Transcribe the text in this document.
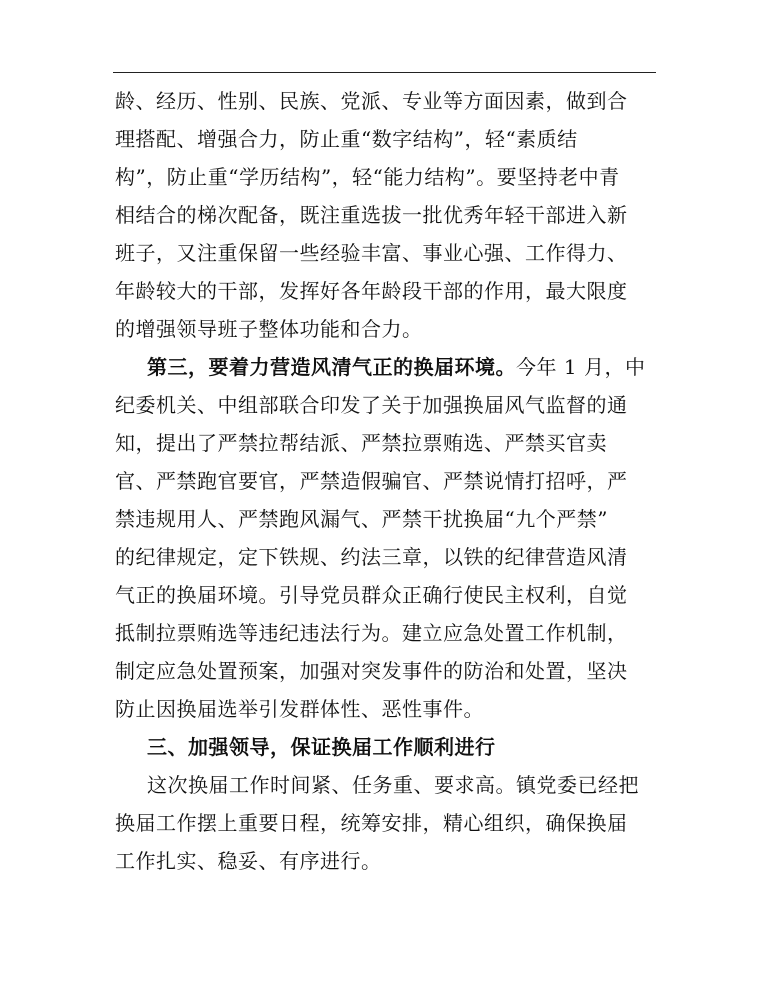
龄、经历、性别、民族、党派、专业等方面因素，做到合
理搭配、增强合力，防止重“数字结构”，轻“素质结
构”，防止重“学历结构”，轻“能力结构”。要坚持老中青
相结合的梯次配备，既注重选拔一批优秀年轻干部进入新
班子，又注重保留一些经验丰富、事业心强、工作得力、
年龄较大的干部，发挥好各年龄段干部的作用，最大限度
的增强领导班子整体功能和合力。
第三，要着力营造风清气正的换届环境。今年 1 月，中
纪委机关、中组部联合印发了关于加强换届风气监督的通
知，提出了严禁拉帮结派、严禁拉票贿选、严禁买官卖
官、严禁跑官要官，严禁造假骗官、严禁说情打招呼，严
禁违规用人、严禁跑风漏气、严禁干扰换届“九个严禁”
的纪律规定，定下铁规、约法三章，以铁的纪律营造风清
气正的换届环境。引导党员群众正确行使民主权利，自觉
抵制拉票贿选等违纪违法行为。建立应急处置工作机制，
制定应急处置预案，加强对突发事件的防治和处置，坚决
防止因换届选举引发群体性、恶性事件。
三、加强领导，保证换届工作顺利进行
这次换届工作时间紧、任务重、要求高。镇党委已经把
换届工作摆上重要日程，统筹安排，精心组织，确保换届
工作扎实、稳妥、有序进行。
